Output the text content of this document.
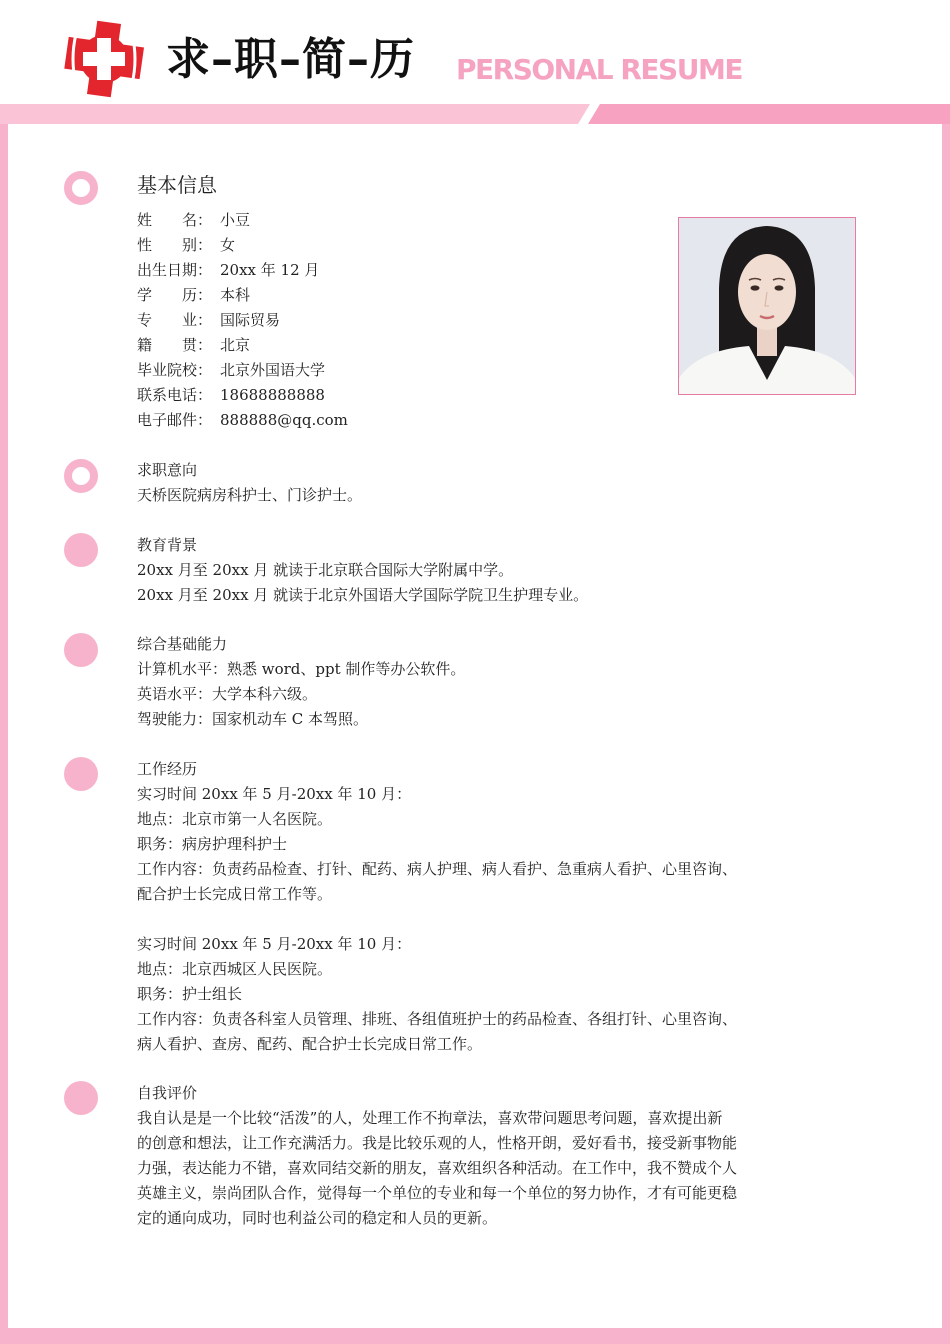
求–职–简–历 PERSONAL RESUME
基本信息
姓　　名： 小豆
性　　别： 女
出生日期： 20xx 年 12 月
学　　历： 本科
专　　业： 国际贸易
籍　　贯： 北京
毕业院校： 北京外国语大学
联系电话： 18688888888
电子邮件： 888888@qq.com
求职意向
天桥医院病房科护士、门诊护士。
教育背景
20xx 月至 20xx 月 就读于北京联合国际大学附属中学。
20xx 月至 20xx 月 就读于北京外国语大学国际学院卫生护理专业。
综合基础能力
计算机水平：熟悉 word、ppt 制作等办公软件。
英语水平：大学本科六级。
驾驶能力：国家机动车 C 本驾照。
工作经历
实习时间 20xx 年 5 月-20xx 年 10 月：
地点：北京市第一人名医院。
职务：病房护理科护士
工作内容：负责药品检查、打针、配药、病人护理、病人看护、急重病人看护、心里咨询、
配合护士长完成日常工作等。
实习时间 20xx 年 5 月-20xx 年 10 月：
地点：北京西城区人民医院。
职务：护士组长
工作内容：负责各科室人员管理、排班、各组值班护士的药品检查、各组打针、心里咨询、
病人看护、查房、配药、配合护士长完成日常工作。
自我评价
我自认是是一个比较“活泼”的人，处理工作不拘章法，喜欢带问题思考问题，喜欢提出新
的创意和想法，让工作充满活力。我是比较乐观的人，性格开朗，爱好看书，接受新事物能
力强，表达能力不错，喜欢同结交新的朋友，喜欢组织各种活动。在工作中，我不赞成个人
英雄主义，崇尚团队合作，觉得每一个单位的专业和每一个单位的努力协作，才有可能更稳
定的通向成功，同时也利益公司的稳定和人员的更新。
